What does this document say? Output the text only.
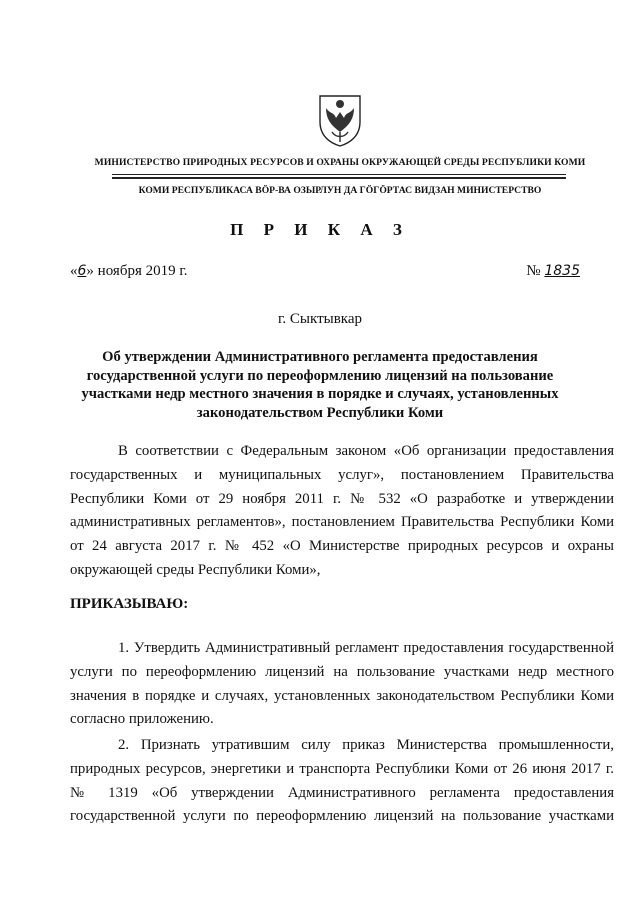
МИНИСТЕРСТВО ПРИРОДНЫХ РЕСУРСОВ И ОХРАНЫ ОКРУЖАЮЩЕЙ СРЕДЫ РЕСПУБЛИКИ КОМИ
КОМИ РЕСПУБЛИКАСА ВӦР-ВА ОЗЫРЛУН ДА ГӦГӦРТАС ВИДЗАН МИНИСТЕРСТВО
П Р И К А З
«6» ноября 2019 г.	№ 1835
г. Сыктывкар
Об утверждении Административного регламента предоставления
государственной услуги по переоформлению лицензий на пользование
участками недр местного значения в порядке и случаях, установленных
законодательством Республики Коми
В соответствии с Федеральным законом «Об организации предоставления
государственных и муниципальных услуг», постановлением Правительства
Республики Коми от 29 ноября 2011 г. № 532 «О разработке и утверждении
административных регламентов», постановлением Правительства Республики Коми
от 24 августа 2017 г. № 452 «О Министерстве природных ресурсов и охраны
окружающей среды Республики Коми»,
ПРИКАЗЫВАЮ:
1. Утвердить Административный регламент предоставления государственной
услуги по переоформлению лицензий на пользование участками недр местного
значения в порядке и случаях, установленных законодательством Республики Коми
согласно приложению.
2. Признать утратившим силу приказ Министерства промышленности,
природных ресурсов, энергетики и транспорта Республики Коми от 26 июня 2017 г.
№ 1319 «Об утверждении Административного регламента предоставления
государственной услуги по переоформлению лицензий на пользование участками
